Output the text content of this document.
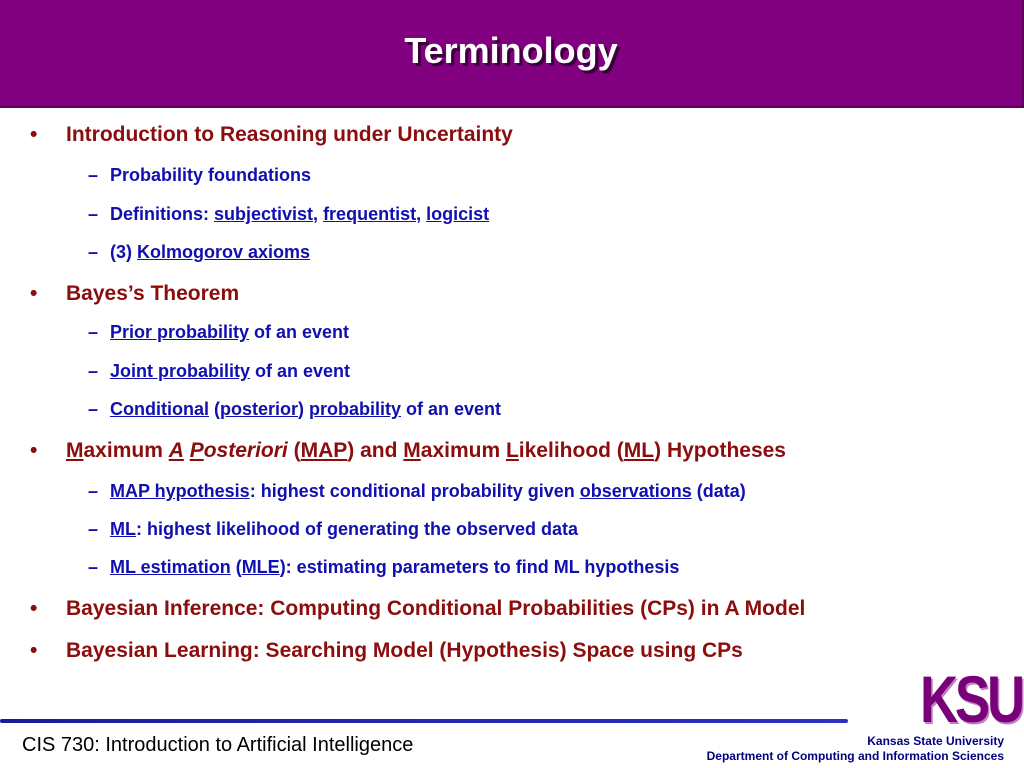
Terminology
• Introduction to Reasoning under Uncertainty
– Probability foundations
– Definitions: subjectivist, frequentist, logicist
– (3) Kolmogorov axioms
• Bayes’s Theorem
– Prior probability of an event
– Joint probability of an event
– Conditional (posterior) probability of an event
• Maximum A Posteriori (MAP) and Maximum Likelihood (ML) Hypotheses
– MAP hypothesis: highest conditional probability given observations (data)
– ML: highest likelihood of generating the observed data
– ML estimation (MLE): estimating parameters to find ML hypothesis
• Bayesian Inference: Computing Conditional Probabilities (CPs) in A Model
• Bayesian Learning: Searching Model (Hypothesis) Space using CPs
KSU
CIS 730: Introduction to Artificial Intelligence	Kansas State University
Department of Computing and Information Sciences
